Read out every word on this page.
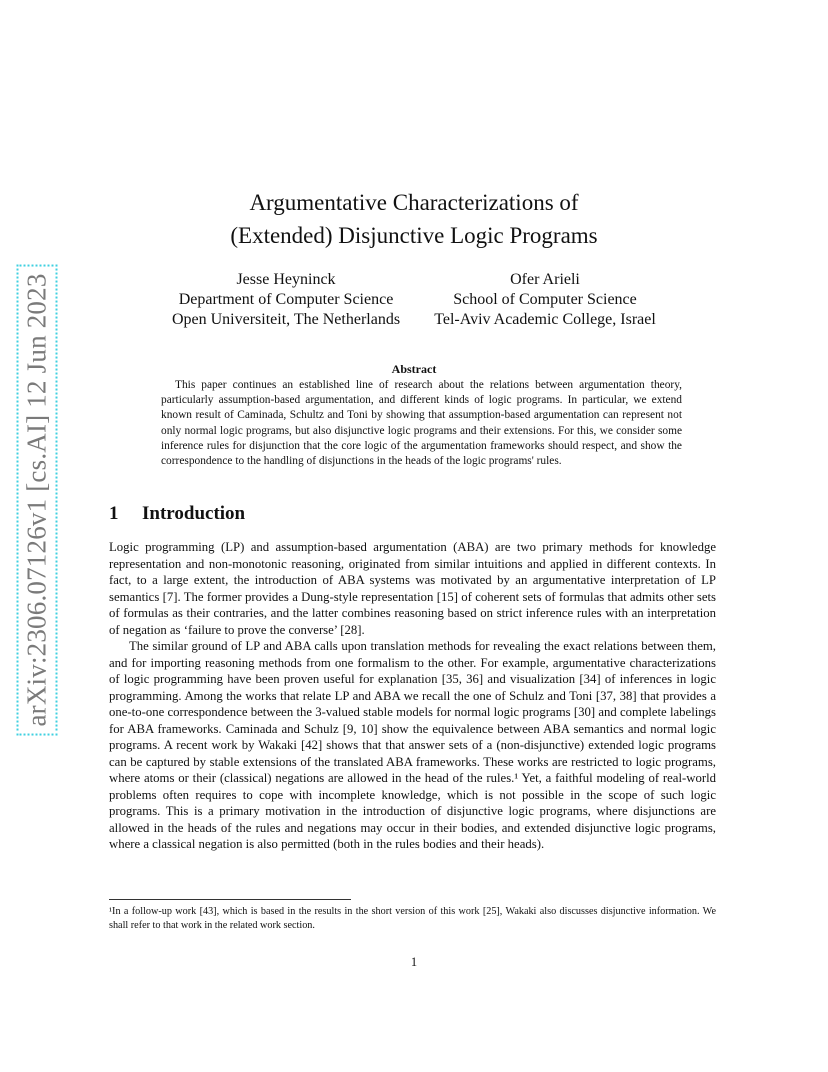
arXiv:2306.07126v1 [cs.AI] 12 Jun 2023
Argumentative Characterizations of
(Extended) Disjunctive Logic Programs
Jesse Heyninck
Department of Computer Science
Open Universiteit, The Netherlands
Ofer Arieli
School of Computer Science
Tel-Aviv Academic College, Israel
Abstract

This paper continues an established line of research about the relations between argumentation theory, particularly assumption-based argumentation, and different kinds of logic programs. In particular, we extend known result of Caminada, Schultz and Toni by showing that assumption-based argumentation can represent not only normal logic programs, but also disjunctive logic programs and their extensions. For this, we consider some inference rules for disjunction that the core logic of the argumentation frameworks should respect, and show the correspondence to the handling of disjunctions in the heads of the logic programs' rules.

1 Introduction

Logic programming (LP) and assumption-based argumentation (ABA) are two primary methods for knowledge representation and non-monotonic reasoning, originated from similar intuitions and applied in different contexts. In fact, to a large extent, the introduction of ABA systems was motivated by an argumentative interpretation of LP semantics [7]. The former provides a Dung-style representation [15] of coherent sets of formulas that admits other sets of formulas as their contraries, and the latter combines reasoning based on strict inference rules with an interpretation of negation as ‘failure to prove the converse’ [28].

The similar ground of LP and ABA calls upon translation methods for revealing the exact relations between them, and for importing reasoning methods from one formalism to the other. For example, argumentative characterizations of logic programming have been proven useful for explanation [35, 36] and visualization [34] of inferences in logic programming. Among the works that relate LP and ABA we recall the one of Schulz and Toni [37, 38] that provides a one-to-one correspondence between the 3-valued stable models for normal logic programs [30] and complete labelings for ABA frameworks. Caminada and Schulz [9, 10] show the equivalence between ABA semantics and normal logic programs. A recent work by Wakaki [42] shows that that answer sets of a (non-disjunctive) extended logic programs can be captured by stable extensions of the translated ABA frameworks. These works are restricted to logic programs, where atoms or their (classical) negations are allowed in the head of the rules.¹ Yet, a faithful modeling of real-world problems often requires to cope with incomplete knowledge, which is not possible in the scope of such logic programs. This is a primary motivation in the introduction of disjunctive logic programs, where disjunctions are allowed in the heads of the rules and negations may occur in their bodies, and extended disjunctive logic programs, where a classical negation is also permitted (both in the rules bodies and their heads).

¹In a follow-up work [43], which is based in the results in the short version of this work [25], Wakaki also discusses disjunctive information. We shall refer to that work in the related work section.
1
